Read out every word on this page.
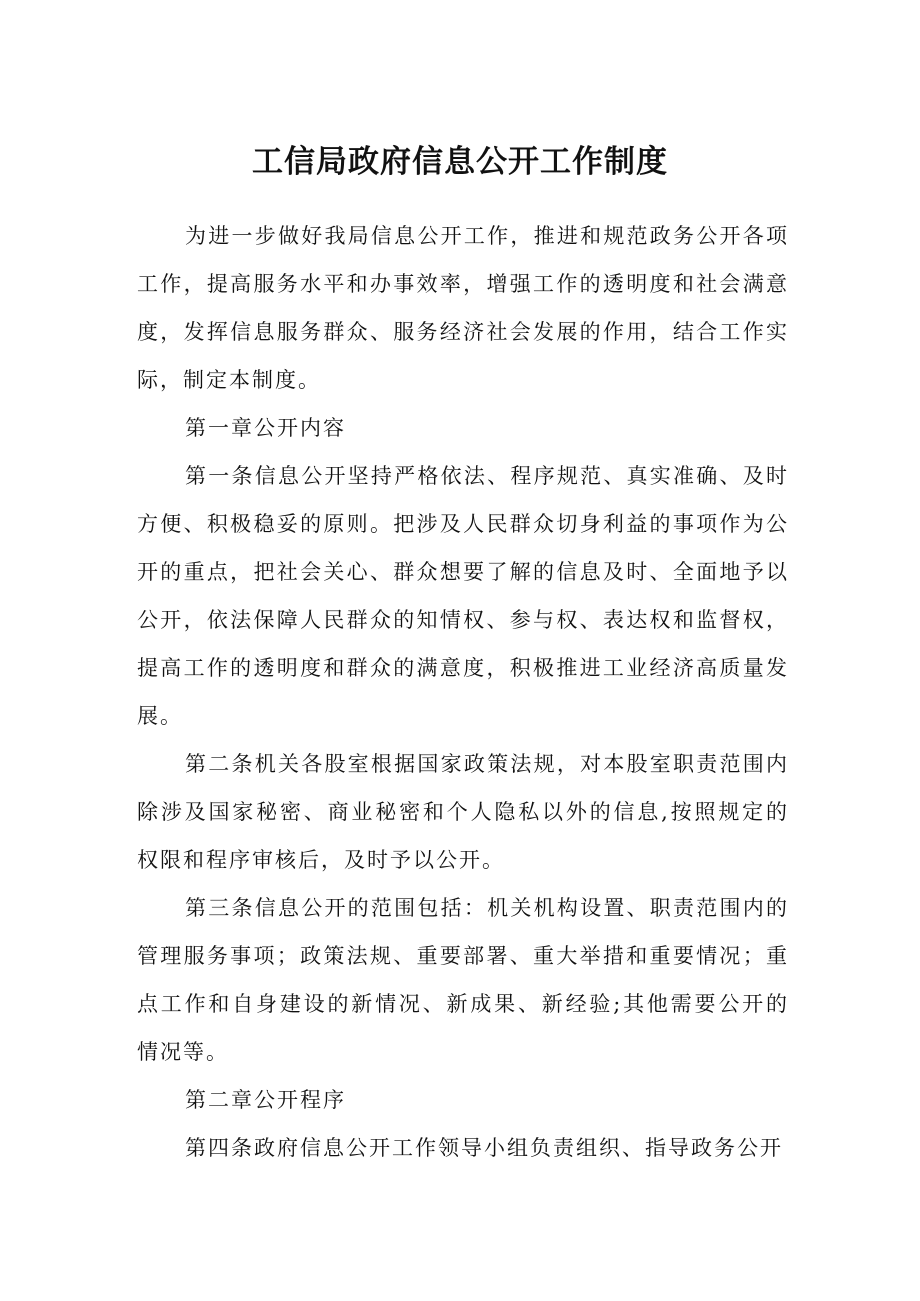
工信局政府信息公开工作制度

为进一步做好我局信息公开工作，推进和规范政务公开各项工作，提高服务水平和办事效率，增强工作的透明度和社会满意度，发挥信息服务群众、服务经济社会发展的作用，结合工作实际，制定本制度。

第一章公开内容

第一条信息公开坚持严格依法、程序规范、真实准确、及时方便、积极稳妥的原则。把涉及人民群众切身利益的事项作为公开的重点，把社会关心、群众想要了解的信息及时、全面地予以公开，依法保障人民群众的知情权、参与权、表达权和监督权，提高工作的透明度和群众的满意度，积极推进工业经济高质量发展。

第二条机关各股室根据国家政策法规，对本股室职责范围内除涉及国家秘密、商业秘密和个人隐私以外的信息,按照规定的权限和程序审核后，及时予以公开。

第三条信息公开的范围包括：机关机构设置、职责范围内的管理服务事项；政策法规、重要部署、重大举措和重要情况；重点工作和自身建设的新情况、新成果、新经验;其他需要公开的情况等。

第二章公开程序

第四条政府信息公开工作领导小组负责组织、指导政务公开
